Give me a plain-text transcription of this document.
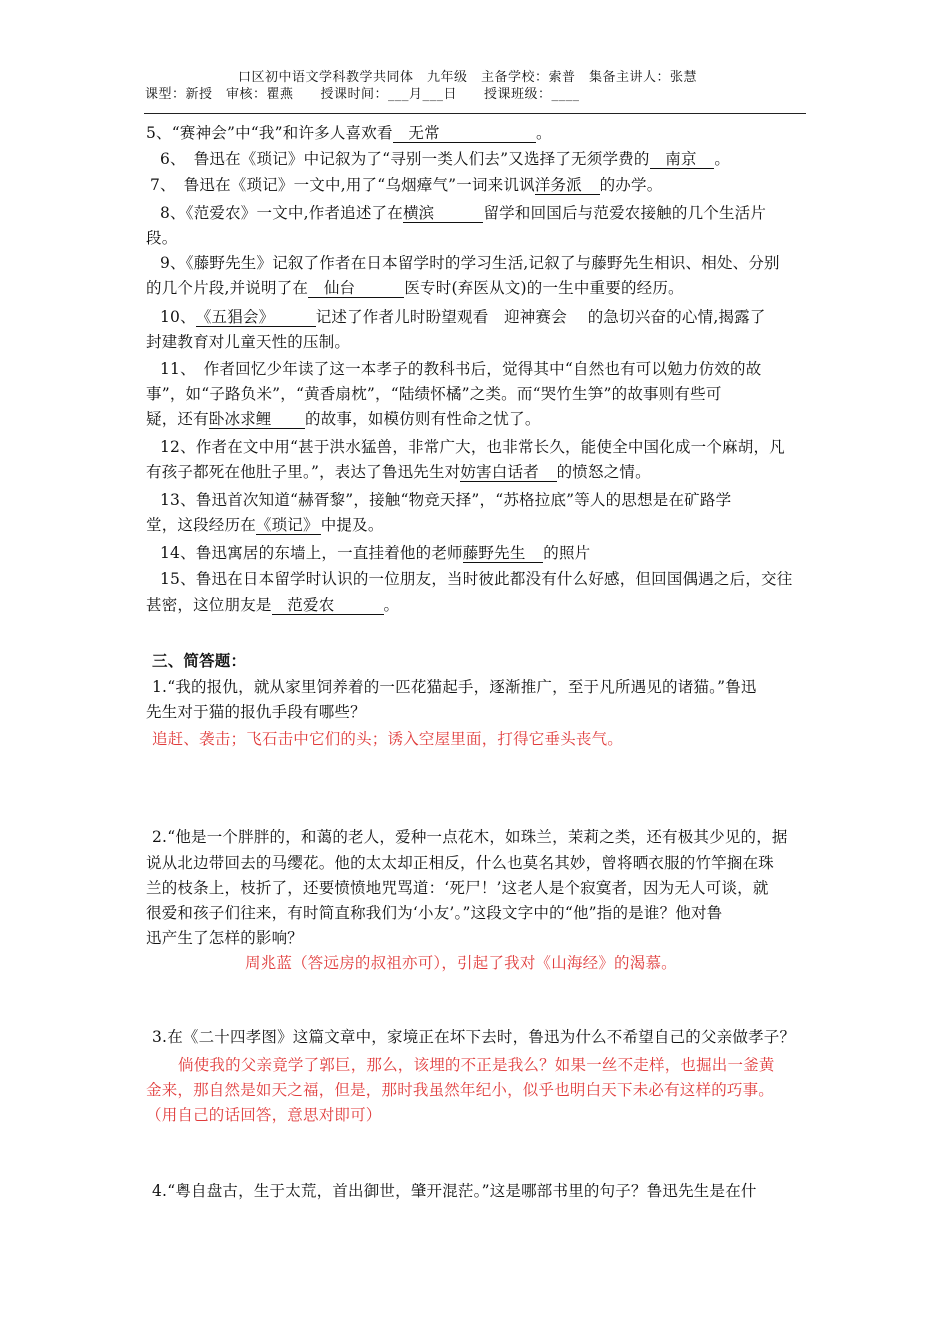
口区初中语文学科教学共同体　九年级　主备学校：索普　集备主讲人：张慧
课型：新授　审核：瞿燕　　授课时间：___月___日　　授课班级：____
5、“赛神会”中“我”和许多人喜欢看　无常　　　　　　。
6、　鲁迅在《琐记》中记叙为了“寻别一类人们去”又选择了无须学费的　南京　。
7、　鲁迅在《琐记》一文中,用了“乌烟瘴气”一词来讥讽洋务派　的办学。
8、《范爱农》一文中,作者追述了在横滨　　　留学和回国后与范爱农接触的几个生活片
段。
9、《藤野先生》记叙了作者在日本留学时的学习生活,记叙了与藤野先生相识、相处、分别
的几个片段,并说明了在　仙台　　　医专时(弃医从文)的一生中重要的经历。
10、《五猖会》　　　记述了作者儿时盼望观看　迎神赛会　 的急切兴奋的心情,揭露了
封建教育对儿童天性的压制。
11、　作者回忆少年读了这一本孝子的教科书后，觉得其中“自然也有可以勉力仿效的故
事”，如“子路负米”，“黄香扇枕”，“陆绩怀橘”之类。而“哭竹生笋”的故事则有些可
疑，还有卧冰求鲤　　的故事，如模仿则有性命之忧了。
12、作者在文中用“甚于洪水猛兽，非常广大，也非常长久，能使全中国化成一个麻胡，凡
有孩子都死在他肚子里。”，表达了鲁迅先生对妨害白话者　的愤怒之情。
13、鲁迅首次知道“赫胥黎”，接触“物竞天择”，“苏格拉底”等人的思想是在矿路学
堂，这段经历在《琐记》 中提及。
14、鲁迅寓居的东墙上，一直挂着他的老师藤野先生　的照片
15、鲁迅在日本留学时认识的一位朋友，当时彼此都没有什么好感，但回国偶遇之后，交往
甚密，这位朋友是　范爱农　　　。
三、简答题：
1.“我的报仇，就从家里饲养着的一匹花猫起手，逐渐推广，至于凡所遇见的诸猫。”鲁迅
先生对于猫的报仇手段有哪些？
追赶、袭击；飞石击中它们的头；诱入空屋里面，打得它垂头丧气。
2.“他是一个胖胖的，和蔼的老人，爱种一点花木，如珠兰，茉莉之类，还有极其少见的，据
说从北边带回去的马缨花。他的太太却正相反，什么也莫名其妙，曾将晒衣服的竹竿搁在珠
兰的枝条上，枝折了，还要愤愤地咒骂道：‘死尸！’这老人是个寂寞者，因为无人可谈，就
很爱和孩子们往来，有时简直称我们为‘小友’。”这段文字中的“他”指的是谁？他对鲁
迅产生了怎样的影响？
周兆蓝（答远房的叔祖亦可），引起了我对《山海经》的渴慕。
3.在《二十四孝图》这篇文章中，家境正在坏下去时，鲁迅为什么不希望自己的父亲做孝子？
倘使我的父亲竟学了郭巨，那么，该埋的不正是我么？如果一丝不走样，也掘出一釜黄
金来，那自然是如天之福，但是，那时我虽然年纪小，似乎也明白天下未必有这样的巧事。
（用自己的话回答，意思对即可）
4.“粤自盘古，生于太荒，首出御世，肇开混茫。”这是哪部书里的句子？鲁迅先生是在什
